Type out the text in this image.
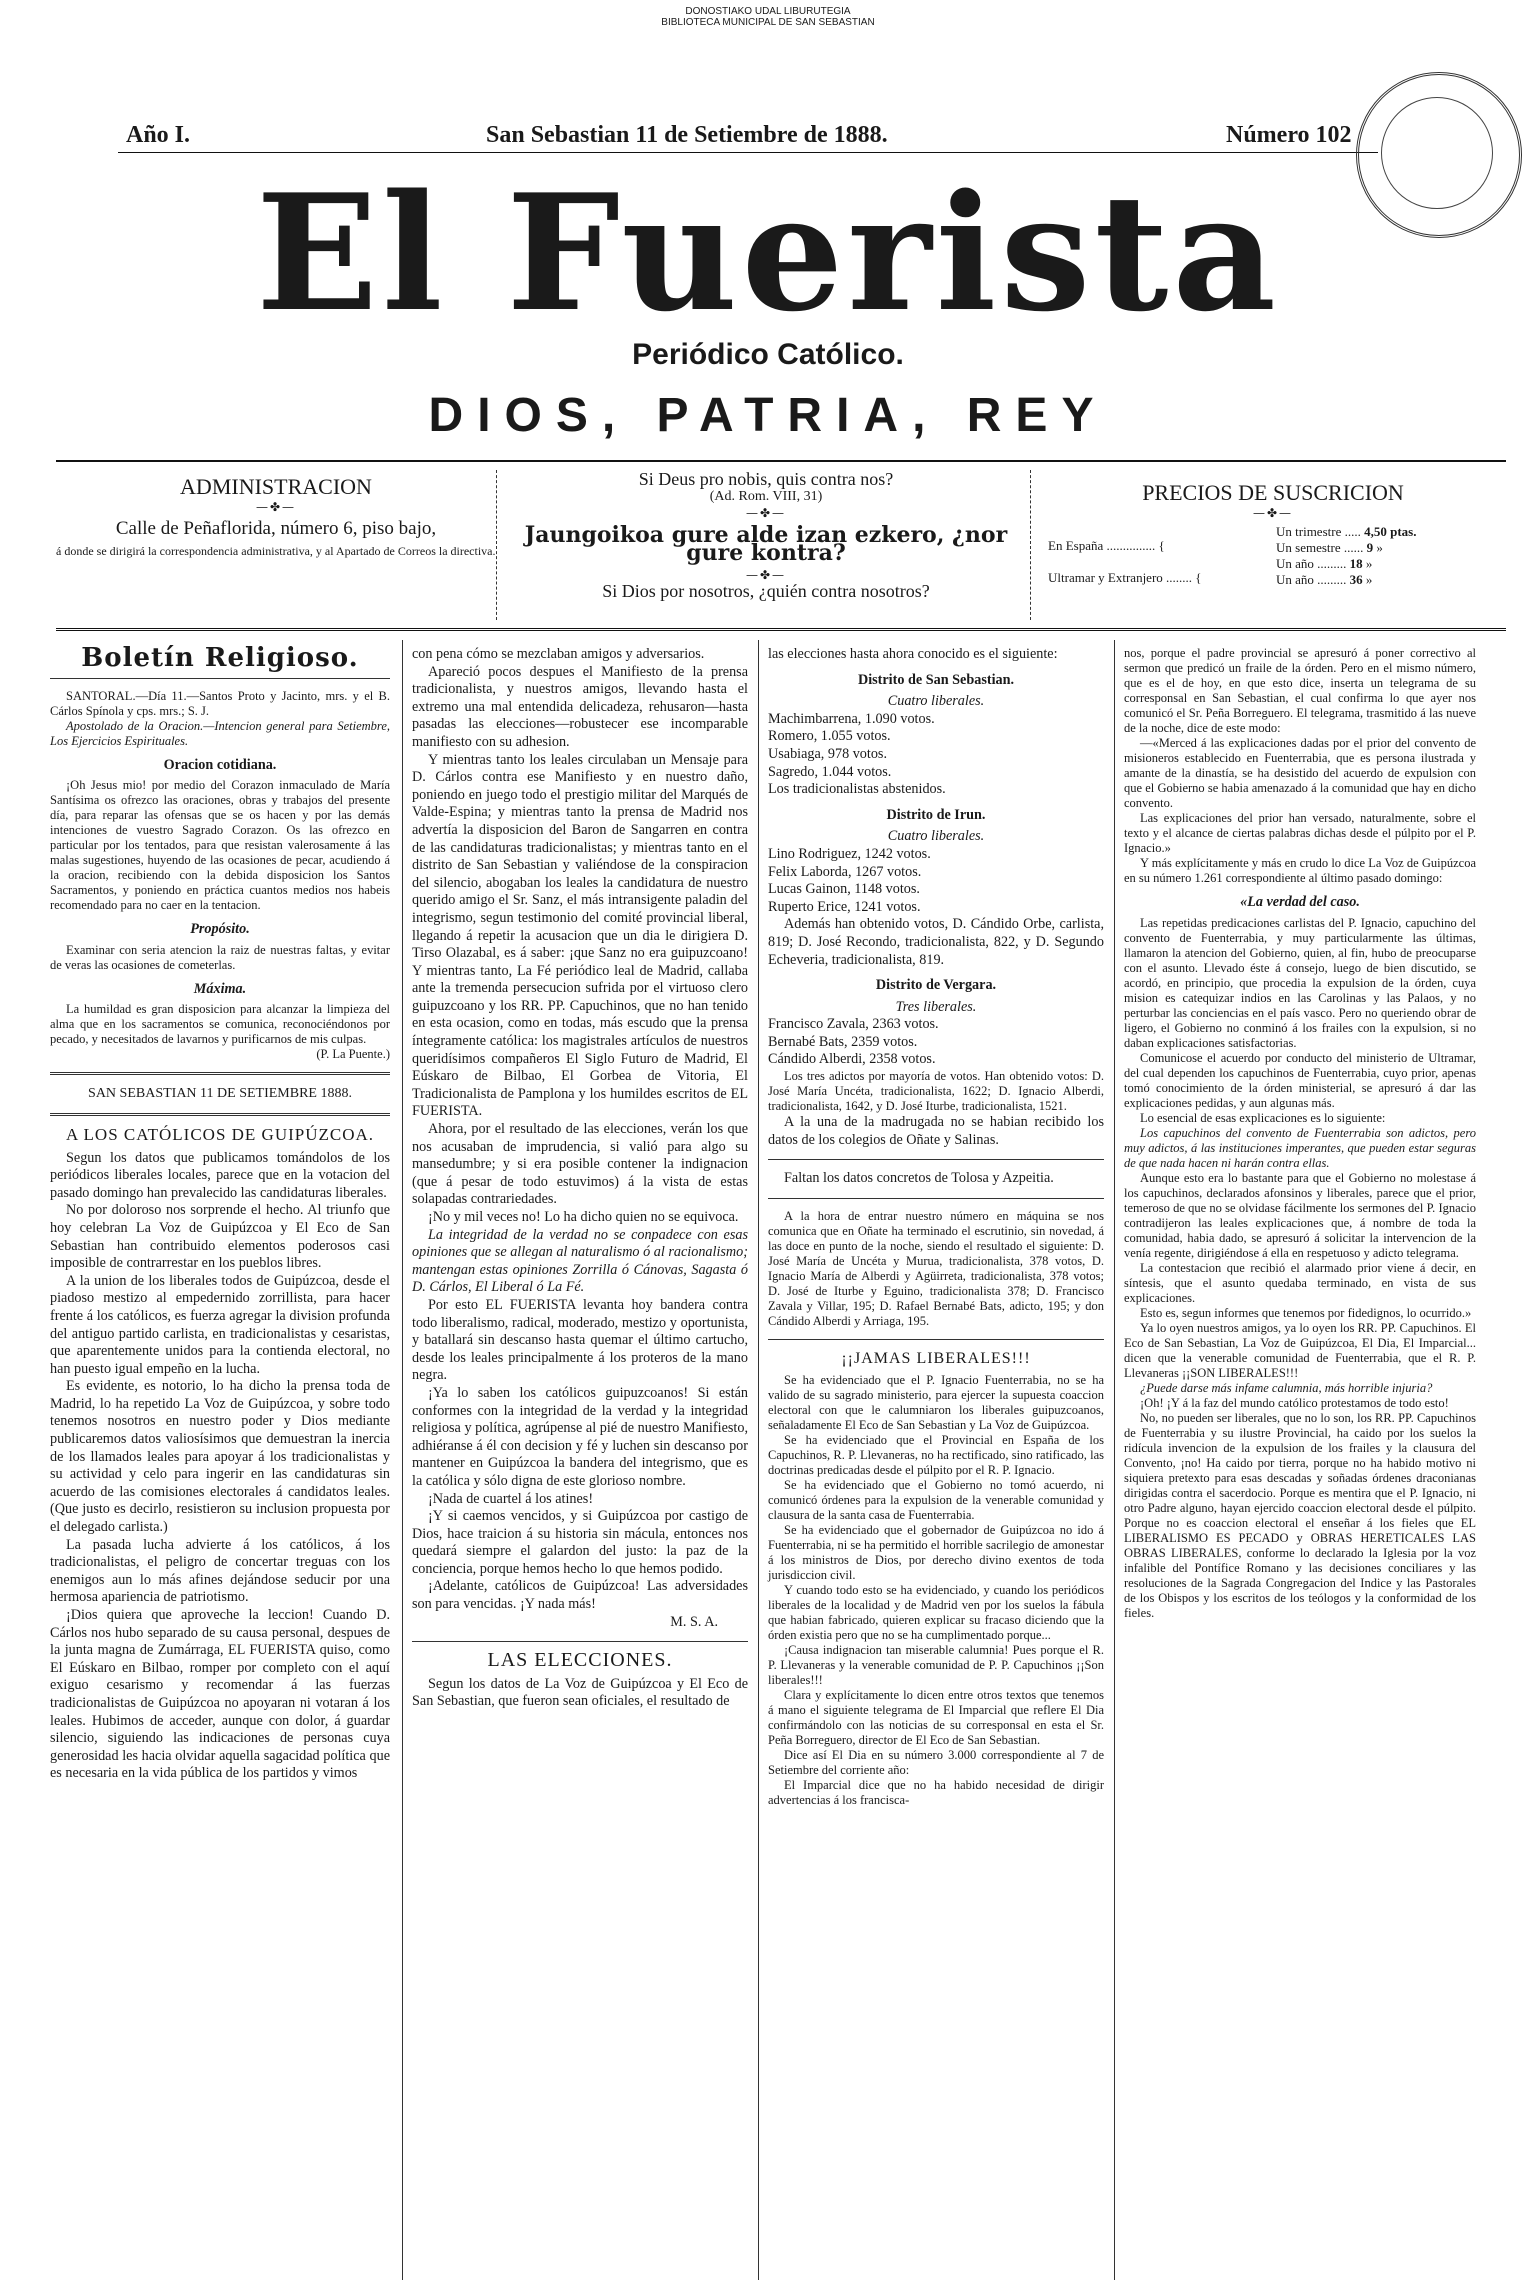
DONOSTIAKO UDAL LIBURUTEGIA
BIBLIOTECA MUNICIPAL DE SAN SEBASTIAN
Año I.	San Sebastian 11 de Setiembre de 1888.	Número 102
El Fuerista
Periódico Católico.
DIOS, PATRIA, REY
ADMINISTRACION
—✤—
Calle de Peñaflorida, número 6, piso bajo,
á donde se dirigirá la correspondencia administrativa, y al Apartado de Correos la directiva.
Si Deus pro nobis, quis contra nos?
(Ad. Rom. VIII, 31)
—✤—
Jaungoikoa gure alde izan ezkero, ¿nor gure kontra?
—✤—
Si Dios por nosotros, ¿quién contra nosotros?
PRECIOS DE SUSCRICION
—✤—
En España ............... {
Ultramar y Extranjero ........ {
Un trimestre ..... 4,50 ptas.
Un semestre ...... 9 »
Un año ......... 18 »
Un año ......... 36 »
Boletín Religioso.

SANTORAL.—Día 11.—Santos Proto y Jacinto, mrs. y el B. Cárlos Spínola y cps. mrs.; S. J.

Apostolado de la Oracion.—Intencion general para Setiembre, Los Ejercicios Espirituales.

Oracion cotidiana.

¡Oh Jesus mio! por medio del Corazon inmaculado de María Santísima os ofrezco las oraciones, obras y trabajos del presente día, para reparar las ofensas que se os hacen y por las demás intenciones de vuestro Sagrado Corazon. Os las ofrezco en particular por los tentados, para que resistan valerosamente á las malas sugestiones, huyendo de las ocasiones de pecar, acudiendo á la oracion, recibiendo con la debida disposicion los Santos Sacramentos, y poniendo en práctica cuantos medios nos habeis recomendado para no caer en la tentacion.

Propósito.

Examinar con seria atencion la raiz de nuestras faltas, y evitar de veras las ocasiones de cometerlas.

Máxima.

La humildad es gran disposicion para alcanzar la limpieza del alma que en los sacramentos se comunica, reconociéndonos por pecado, y necesitados de lavarnos y purificarnos de mis culpas.

(P. La Puente.)
SAN SEBASTIAN 11 DE SETIEMBRE 1888.
A LOS CATÓLICOS DE GUIPÚZCOA.

Segun los datos que publicamos tomándolos de los periódicos liberales locales, parece que en la votacion del pasado domingo han prevalecido las candidaturas liberales.

No por doloroso nos sorprende el hecho. Al triunfo que hoy celebran La Voz de Guipúzcoa y El Eco de San Sebastian han contribuido elementos poderosos casi imposible de contrarrestar en los pueblos libres.

A la union de los liberales todos de Guipúzcoa, desde el piadoso mestizo al empedernido zorrillista, para hacer frente á los católicos, es fuerza agregar la division profunda del antiguo partido carlista, en tradicionalistas y cesaristas, que aparentemente unidos para la contienda electoral, no han puesto igual empeño en la lucha.

Es evidente, es notorio, lo ha dicho la prensa toda de Madrid, lo ha repetido La Voz de Guipúzcoa, y sobre todo tenemos nosotros en nuestro poder y Dios mediante publicaremos datos valiosísimos que demuestran la inercia de los llamados leales para apoyar á los tradicionalistas y su actividad y celo para ingerir en las candidaturas sin acuerdo de las comisiones electorales á candidatos leales. (Que justo es decirlo, resistieron su inclusion propuesta por el delegado carlista.)

La pasada lucha advierte á los católicos, á los tradicionalistas, el peligro de concertar treguas con los enemigos aun lo más afines dejándose seducir por una hermosa apariencia de patriotismo.

¡Dios quiera que aproveche la leccion! Cuando D. Cárlos nos hubo separado de su causa personal, despues de la junta magna de Zumárraga, EL FUERISTA quiso, como El Eúskaro en Bilbao, romper por completo con el aquí exiguo cesarismo y recomendar á las fuerzas tradicionalistas de Guipúzcoa no apoyaran ni votaran á los leales. Hubimos de acceder, aunque con dolor, á guardar silencio, siguiendo las indicaciones de personas cuya generosidad les hacia olvidar aquella sagacidad política que es necesaria en la vida pública de los partidos y vimos

con pena cómo se mezclaban amigos y adversarios.

Apareció pocos despues el Manifiesto de la prensa tradicionalista, y nuestros amigos, llevando hasta el extremo una mal entendida delicadeza, rehusaron—hasta pasadas las elecciones—robustecer ese incomparable manifiesto con su adhesion.

Y mientras tanto los leales circulaban un Mensaje para D. Cárlos contra ese Manifiesto y en nuestro daño, poniendo en juego todo el prestigio militar del Marqués de Valde-Espina; y mientras tanto la prensa de Madrid nos advertía la disposicion del Baron de Sangarren en contra de las candidaturas tradicionalistas; y mientras tanto en el distrito de San Sebastian y valiéndose de la conspiracion del silencio, abogaban los leales la candidatura de nuestro querido amigo el Sr. Sanz, el más intransigente paladin del integrismo, segun testimonio del comité provincial liberal, llegando á repetir la acusacion que un dia le dirigiera D. Tirso Olazabal, es á saber: ¡que Sanz no era guipuzcoano! Y mientras tanto, La Fé periódico leal de Madrid, callaba ante la tremenda persecucion sufrida por el virtuoso clero guipuzcoano y los RR. PP. Capuchinos, que no han tenido en esta ocasion, como en todas, más escudo que la prensa íntegramente católica: los magistrales artículos de nuestros queridísimos compañeros El Siglo Futuro de Madrid, El Eúskaro de Bilbao, El Gorbea de Vitoria, El Tradicionalista de Pamplona y los humildes escritos de EL FUERISTA.

Ahora, por el resultado de las elecciones, verán los que nos acusaban de imprudencia, si valió para algo su mansedumbre; y si era posible contener la indignacion (que á pesar de todo estuvimos) á la vista de estas solapadas contrariedades.

¡No y mil veces no! Lo ha dicho quien no se equivoca.

La integridad de la verdad no se conpadece con esas opiniones que se allegan al naturalismo ó al racionalismo; mantengan estas opiniones Zorrilla ó Cánovas, Sagasta ó D. Cárlos, El Liberal ó La Fé.

Por esto EL FUERISTA levanta hoy bandera contra todo liberalismo, radical, moderado, mestizo y oportunista, y batallará sin descanso hasta quemar el último cartucho, desde los leales principalmente á los proteros de la mano negra.

¡Ya lo saben los católicos guipuzcoanos! Si están conformes con la integridad de la verdad y la integridad religiosa y política, agrúpense al pié de nuestro Manifiesto, adhiéranse á él con decision y fé y luchen sin descanso por mantener en Guipúzcoa la bandera del integrismo, que es la católica y sólo digna de este glorioso nombre.

¡Nada de cuartel á los atines!

¡Y si caemos vencidos, y si Guipúzcoa por castigo de Dios, hace traicion á su historia sin mácula, entonces nos quedará siempre el galardon del justo: la paz de la conciencia, porque hemos hecho lo que hemos podido.

¡Adelante, católicos de Guipúzcoa! Las adversidades son para vencidas. ¡Y nada más!

M. S. A.
LAS ELECCIONES.

Segun los datos de La Voz de Guipúzcoa y El Eco de San Sebastian, que fueron sean oficiales, el resultado de

las elecciones hasta ahora conocido es el siguiente:

Distrito de San Sebastian.
Cuatro liberales.
Machimbarrena, 1.090 votos.
Romero, 1.055 votos.
Usabiaga, 978 votos.
Sagredo, 1.044 votos.
Los tradicionalistas abstenidos.
Distrito de Irun.
Cuatro liberales.
Lino Rodriguez, 1242 votos.
Felix Laborda, 1267 votos.
Lucas Gainon, 1148 votos.
Ruperto Erice, 1241 votos.

Además han obtenido votos, D. Cándido Orbe, carlista, 819; D. José Recondo, tradicionalista, 822, y D. Segundo Echeveria, tradicionalista, 819.

Distrito de Vergara.
Tres liberales.
Francisco Zavala, 2363 votos.
Bernabé Bats, 2359 votos.
Cándido Alberdi, 2358 votos.

Los tres adictos por mayoría de votos. Han obtenido votos: D. José María Uncéta, tradicionalista, 1622; D. Ignacio Alberdi, tradicionalista, 1642, y D. José Iturbe, tradicionalista, 1521.

A la una de la madrugada no se habian recibido los datos de los colegios de Oñate y Salinas.

Faltan los datos concretos de Tolosa y Azpeitia.

A la hora de entrar nuestro número en máquina se nos comunica que en Oñate ha terminado el escrutinio, sin novedad, á las doce en punto de la noche, siendo el resultado el siguiente: D. José María de Uncéta y Murua, tradicionalista, 378 votos, D. Ignacio María de Alberdi y Agüirreta, tradicionalista, 378 votos; D. José de Iturbe y Eguino, tradicionalista 378; D. Francisco Zavala y Villar, 195; D. Rafael Bernabé Bats, adicto, 195; y don Cándido Alberdi y Arriaga, 195.

¡¡JAMAS LIBERALES!!!

Se ha evidenciado que el P. Ignacio Fuenterrabia, no se ha valido de su sagrado ministerio, para ejercer la supuesta coaccion electoral con que le calumniaron los liberales guipuzcoanos, señaladamente El Eco de San Sebastian y La Voz de Guipúzcoa.

Se ha evidenciado que el Provincial en España de los Capuchinos, R. P. Llevaneras, no ha rectificado, sino ratificado, las doctrinas predicadas desde el púlpito por el R. P. Ignacio.

Se ha evidenciado que el Gobierno no tomó acuerdo, ni comunicó órdenes para la expulsion de la venerable comunidad y clausura de la santa casa de Fuenterrabia.

Se ha evidenciado que el gobernador de Guipúzcoa no ido á Fuenterrabia, ni se ha permitido el horrible sacrilegio de amonestar á los ministros de Dios, por derecho divino exentos de toda jurisdiccion civil.

Y cuando todo esto se ha evidenciado, y cuando los periódicos liberales de la localidad y de Madrid ven por los suelos la fábula que habian fabricado, quieren explicar su fracaso diciendo que la órden existia pero que no se ha cumplimentado porque...

¡Causa indignacion tan miserable calumnia! Pues porque el R. P. Llevaneras y la venerable comunidad de P. P. Capuchinos ¡¡Son liberales!!!

Clara y explícitamente lo dicen entre otros textos que tenemos á mano el siguiente telegrama de El Imparcial que reflere El Dia confirmándolo con las noticias de su corresponsal en esta el Sr. Peña Borreguero, director de El Eco de San Sebastian.

Dice así El Dia en su número 3.000 correspondiente al 7 de Setiembre del corriente año:

El Imparcial dice que no ha habido necesidad de dirigir advertencias á los francisca-

nos, porque el padre provincial se apresuró á poner correctivo al sermon que predicó un fraile de la órden. Pero en el mismo número, que es el de hoy, en que esto dice, inserta un telegrama de su corresponsal en San Sebastian, el cual confirma lo que ayer nos comunicó el Sr. Peña Borreguero. El telegrama, trasmitido á las nueve de la noche, dice de este modo:

—«Merced á las explicaciones dadas por el prior del convento de misioneros establecido en Fuenterrabia, que es persona ilustrada y amante de la dinastía, se ha desistido del acuerdo de expulsion con que el Gobierno se habia amenazado á la comunidad que hay en dicho convento.

Las explicaciones del prior han versado, naturalmente, sobre el texto y el alcance de ciertas palabras dichas desde el púlpito por el P. Ignacio.»

Y más explícitamente y más en crudo lo dice La Voz de Guipúzcoa en su número 1.261 correspondiente al último pasado domingo:

«La verdad del caso.

Las repetidas predicaciones carlistas del P. Ignacio, capuchino del convento de Fuenterrabia, y muy particularmente las últimas, llamaron la atencion del Gobierno, quien, al fin, hubo de preocuparse con el asunto. Llevado éste á consejo, luego de bien discutido, se acordó, en principio, que procedia la expulsion de la órden, cuya mision es catequizar indios en las Carolinas y las Palaos, y no perturbar las conciencias en el país vasco. Pero no queriendo obrar de ligero, el Gobierno no conminó á los frailes con la expulsion, si no daban explicaciones satisfactorias.

Comunicose el acuerdo por conducto del ministerio de Ultramar, del cual dependen los capuchinos de Fuenterrabia, cuyo prior, apenas tomó conocimiento de la órden ministerial, se apresuró á dar las explicaciones pedidas, y aun algunas más.

Lo esencial de esas explicaciones es lo siguiente:

Los capuchinos del convento de Fuenterrabia son adictos, pero muy adictos, á las instituciones imperantes, que pueden estar seguras de que nada hacen ni harán contra ellas.

Aunque esto era lo bastante para que el Gobierno no molestase á los capuchinos, declarados afonsinos y liberales, parece que el prior, temeroso de que no se olvidase fácilmente los sermones del P. Ignacio contradijeron las leales explicaciones que, á nombre de toda la comunidad, habia dado, se apresuró á solicitar la intervencion de la venía regente, dirigiéndose á ella en respetuoso y adicto telegrama.

La contestacion que recibió el alarmado prior viene á decir, en síntesis, que el asunto quedaba terminado, en vista de sus explicaciones.

Esto es, segun informes que tenemos por fidedignos, lo ocurrido.»

Ya lo oyen nuestros amigos, ya lo oyen los RR. PP. Capuchinos. El Eco de San Sebastian, La Voz de Guipúzcoa, El Dia, El Imparcial... dicen que la venerable comunidad de Fuenterrabia, que el R. P. Llevaneras ¡¡SON LIBERALES!!!

¿Puede darse más infame calumnia, más horrible injuria?

¡Oh! ¡Y á la faz del mundo católico protestamos de todo esto!

No, no pueden ser liberales, que no lo son, los RR. PP. Capuchinos de Fuenterrabia y su ilustre Provincial, ha caido por los suelos la ridícula invencion de la expulsion de los frailes y la clausura del Convento, ¡no! Ha caido por tierra, porque no ha habido motivo ni siquiera pretexto para esas descadas y soñadas órdenes draconianas dirigidas contra el sacerdocio. Porque es mentira que el P. Ignacio, ni otro Padre alguno, hayan ejercido coaccion electoral desde el púlpito. Porque no es coaccion electoral el enseñar á los fieles que EL LIBERALISMO ES PECADO y OBRAS HERETICALES LAS OBRAS LIBERALES, conforme lo declarado la Iglesia por la voz infalible del Pontífice Romano y las decisiones conciliares y las resoluciones de la Sagrada Congregacion del Indice y las Pastorales de los Obispos y los escritos de los teólogos y la conformidad de los fieles.
